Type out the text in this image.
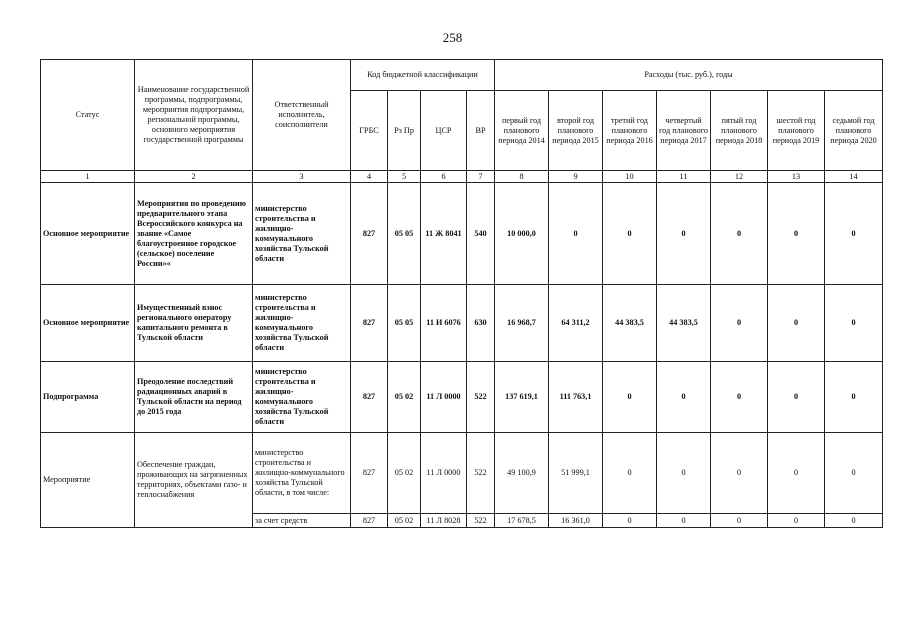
258
Статус	Наименование государственной программы, подпрограммы, мероприятия подпрограммы, региональной программы, основного мероприятия государственной программы	Ответственный исполнитель, соисполнители	Код бюджетной классификации				Расходы (тыс. руб.), годы						
			ГРБС	Рз Пр	ЦСР	ВР	первый год планового периода 2014	второй год планового периода 2015	третий год планового периода 2016	четвертый год планового периода 2017	пятый год планового периода 2018	шестой год планового периода 2019	седьмой год планового периода 2020
1	2	3	4	5	6	7	8	9	10	11	12	13	14
Основное мероприятие	Мероприятия по проведению предварительного этапа Всероссийского конкурса на звание «Самое благоустроенное городское (сельское) поселение России»«	министерство строительства и жилищно-коммунального хозяйства Тульской области	827	05 05	11 Ж 8041	540	10 000,0	0	0	0	0	0	0
Основное мероприятие	Имущественный взнос регионального оператору капитального ремонта в Тульской области	министерство строительства и жилищно-коммунального хозяйства Тульской области	827	05 05	11 И 6076	630	16 968,7	64 311,2	44 383,5	44 383,5	0	0	0
Подпрограмма	Преодоление последствий радиационных аварий в Тульской области на период до 2015 года	министерство строительства и жилищно-коммунального хозяйства Тульской области	827	05 02	11 Л 0000	522	137 619,1	111 763,1	0	0	0	0	0
Мероприятие	Обеспечение граждан, проживающих на загрязненных территориях, объектами газо- и теплоснабжения	министерство строительства и жилищно-коммунального хозяйства Тульской области, в том числе:	827	05 02	11 Л 0000	522	49 100,9	51 999,1	0	0	0	0	0
		за счет средств	827	05 02	11 Л 8028	522	17 678,5	16 361,0	0	0	0	0	0
